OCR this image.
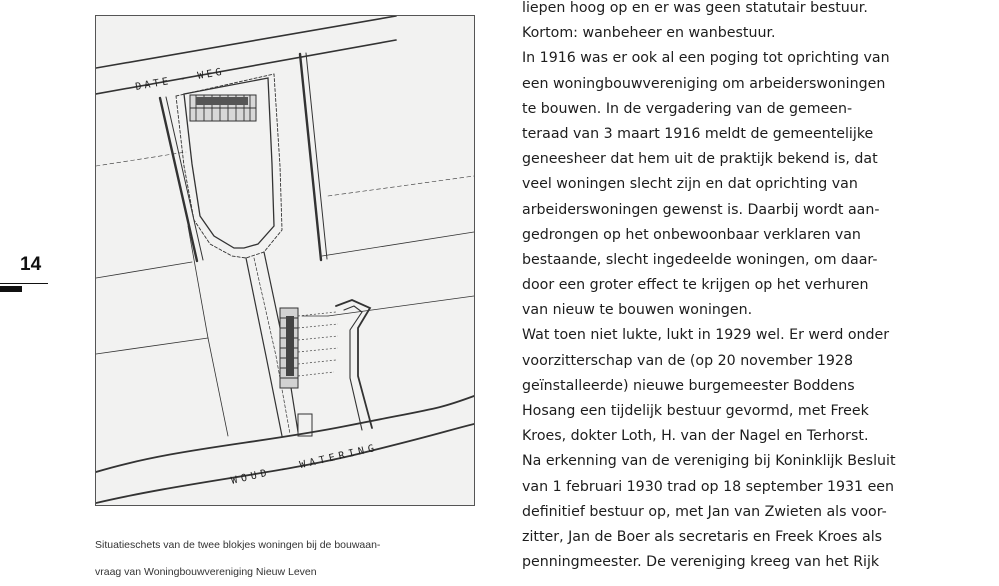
14
DATE - WEG
WOUD - WATERING
Situatieschets van de twee blokjes woningen bij de bouwaan-
vraag van Woningbouwvereniging Nieuw Leven
liepen hoog op en er was geen statutair bestuur.
Kortom: wanbeheer en wanbestuur.
In 1916 was er ook al een poging tot oprichting van
een woningbouwvereniging om arbeiderswoningen
te bouwen. In de vergadering van de gemeen-
teraad van 3 maart 1916 meldt de gemeentelijke
geneesheer dat hem uit de praktijk bekend is, dat
veel woningen slecht zijn en dat oprichting van
arbeiderswoningen gewenst is. Daarbij wordt aan-
gedrongen op het onbewoonbaar verklaren van
bestaande, slecht ingedeelde woningen, om daar-
door een groter effect te krijgen op het verhuren
van nieuw te bouwen woningen.
Wat toen niet lukte, lukt in 1929 wel. Er werd onder
voorzitterschap van de (op 20 november 1928
geïnstalleerde) nieuwe burgemeester Boddens
Hosang een tijdelijk bestuur gevormd, met Freek
Kroes, dokter Loth, H. van der Nagel en Terhorst.
Na erkenning van de vereniging bij Koninklijk Besluit
van 1 februari 1930 trad op 18 september 1931 een
definitief bestuur op, met Jan van Zwieten als voor-
zitter, Jan de Boer als secretaris en Freek Kroes als
penningmeester. De vereniging kreeg van het Rijk
